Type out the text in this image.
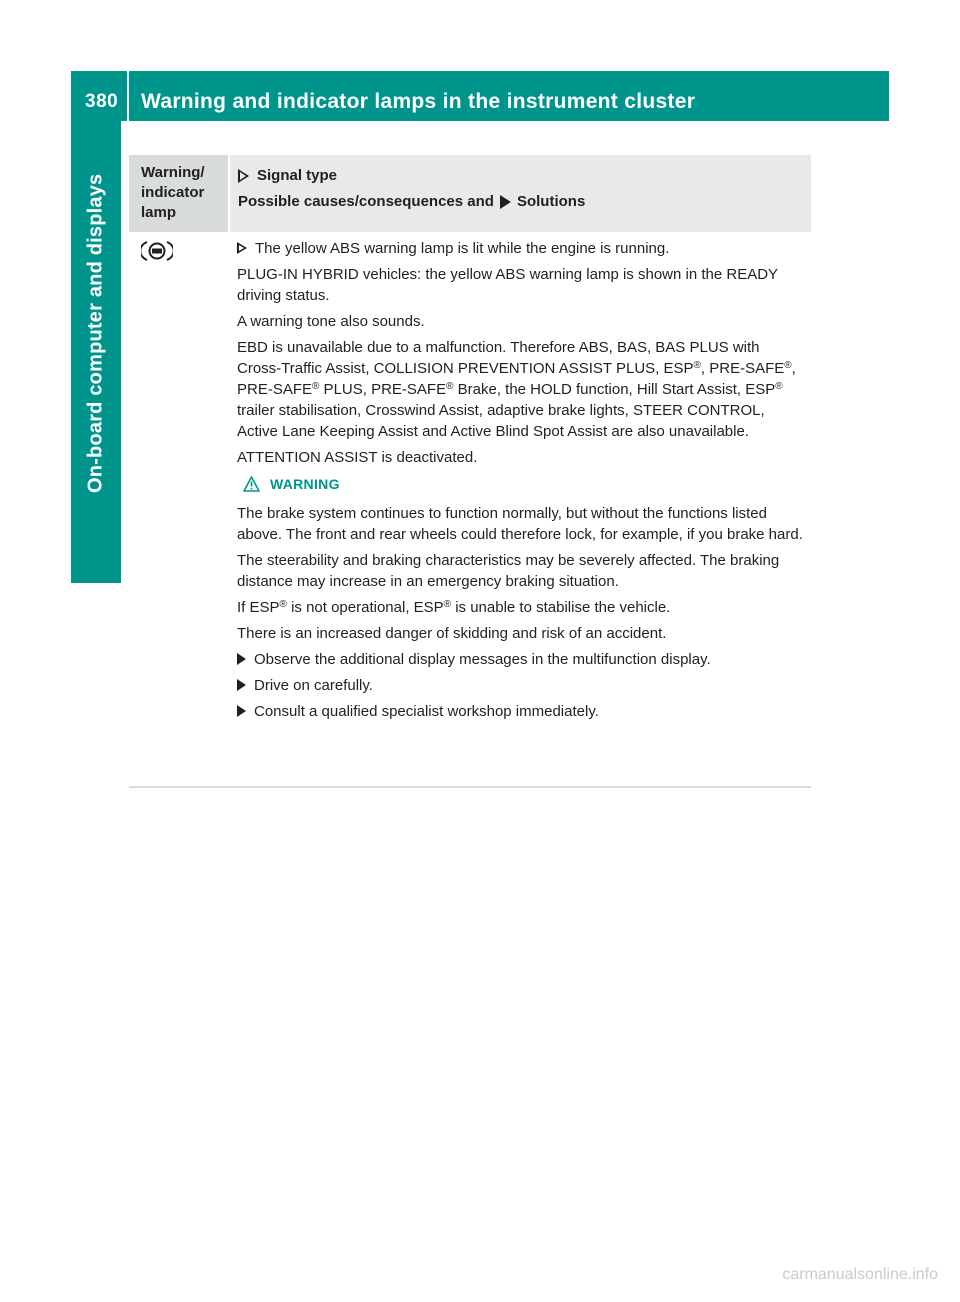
380 Warning and indicator lamps in the instrument cluster
On-board computer and displays
Warning/ indicator lamp
Signal type
Possible causes/consequences and Solutions

The yellow ABS warning lamp is lit while the engine is running.

PLUG-IN HYBRID vehicles: the yellow ABS warning lamp is shown in the READY driving status.

A warning tone also sounds.

EBD is unavailable due to a malfunction. Therefore ABS, BAS, BAS PLUS with Cross-Traffic Assist, COLLISION PREVENTION ASSIST PLUS, ESP®, PRE-SAFE®, PRE-SAFE® PLUS, PRE-SAFE® Brake, the HOLD function, Hill Start Assist, ESP® trailer stabilisation, Crosswind Assist, adaptive brake lights, STEER CONTROL, Active Lane Keeping Assist and Active Blind Spot Assist are also unavailable.

ATTENTION ASSIST is deactivated.

WARNING

The brake system continues to function normally, but without the functions listed above. The front and rear wheels could therefore lock, for example, if you brake hard.

The steerability and braking characteristics may be severely affected. The braking distance may increase in an emergency braking situation.

If ESP® is not operational, ESP® is unable to stabilise the vehicle.

There is an increased danger of skidding and risk of an accident.

Observe the additional display messages in the multifunction display.
Drive on carefully.
Consult a qualified specialist workshop immediately.
carmanualsonline.info
